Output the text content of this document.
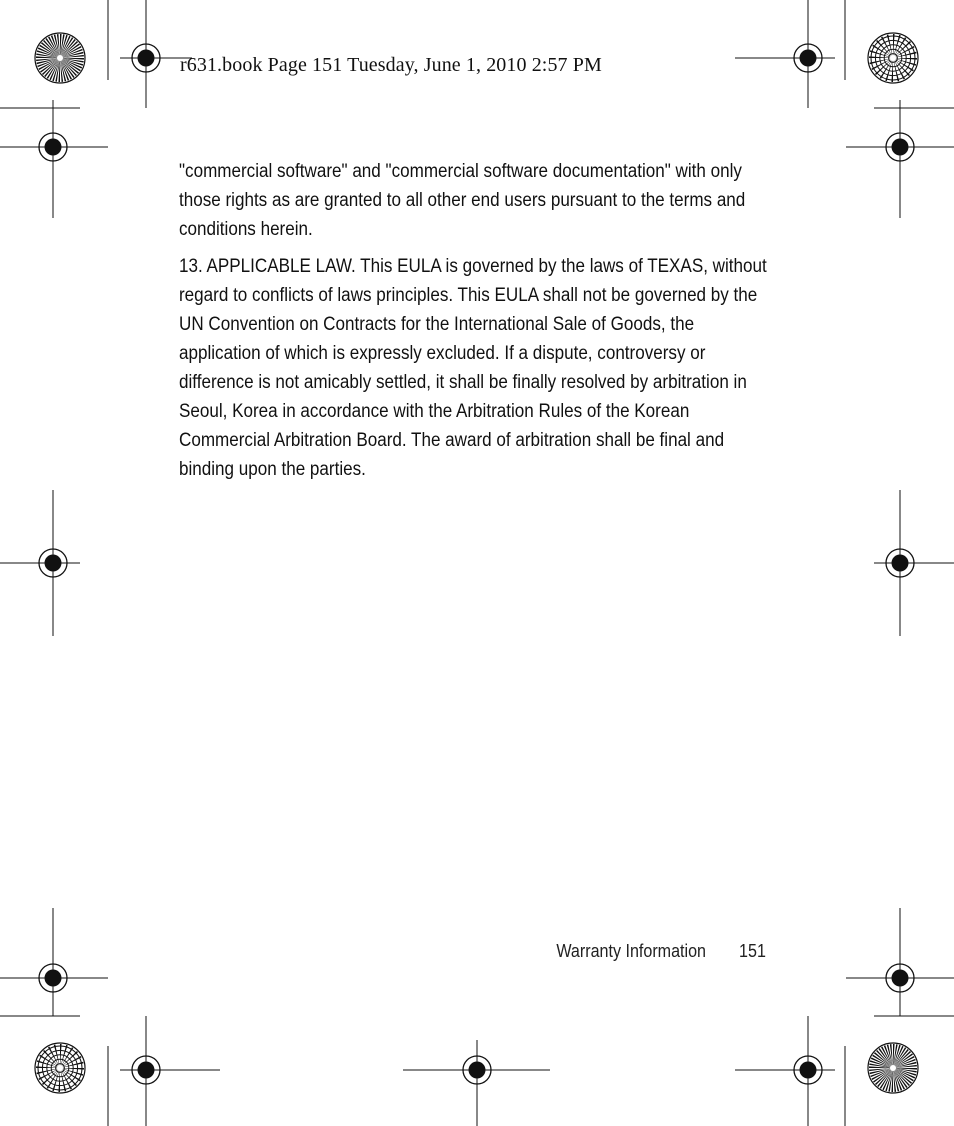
r631.book Page 151 Tuesday, June 1, 2010 2:57 PM

"commercial software" and "commercial software documentation" with only those rights as are granted to all other end users pursuant to the terms and conditions herein.

13. APPLICABLE LAW. This EULA is governed by the laws of TEXAS, without regard to conflicts of laws principles. This EULA shall not be governed by the UN Convention on Contracts for the International Sale of Goods, the application of which is expressly excluded. If a dispute, controversy or difference is not amicably settled, it shall be finally resolved by arbitration in Seoul, Korea in accordance with the Arbitration Rules of the Korean Commercial Arbitration Board. The award of arbitration shall be final and binding upon the parties.

Warranty Information 151
